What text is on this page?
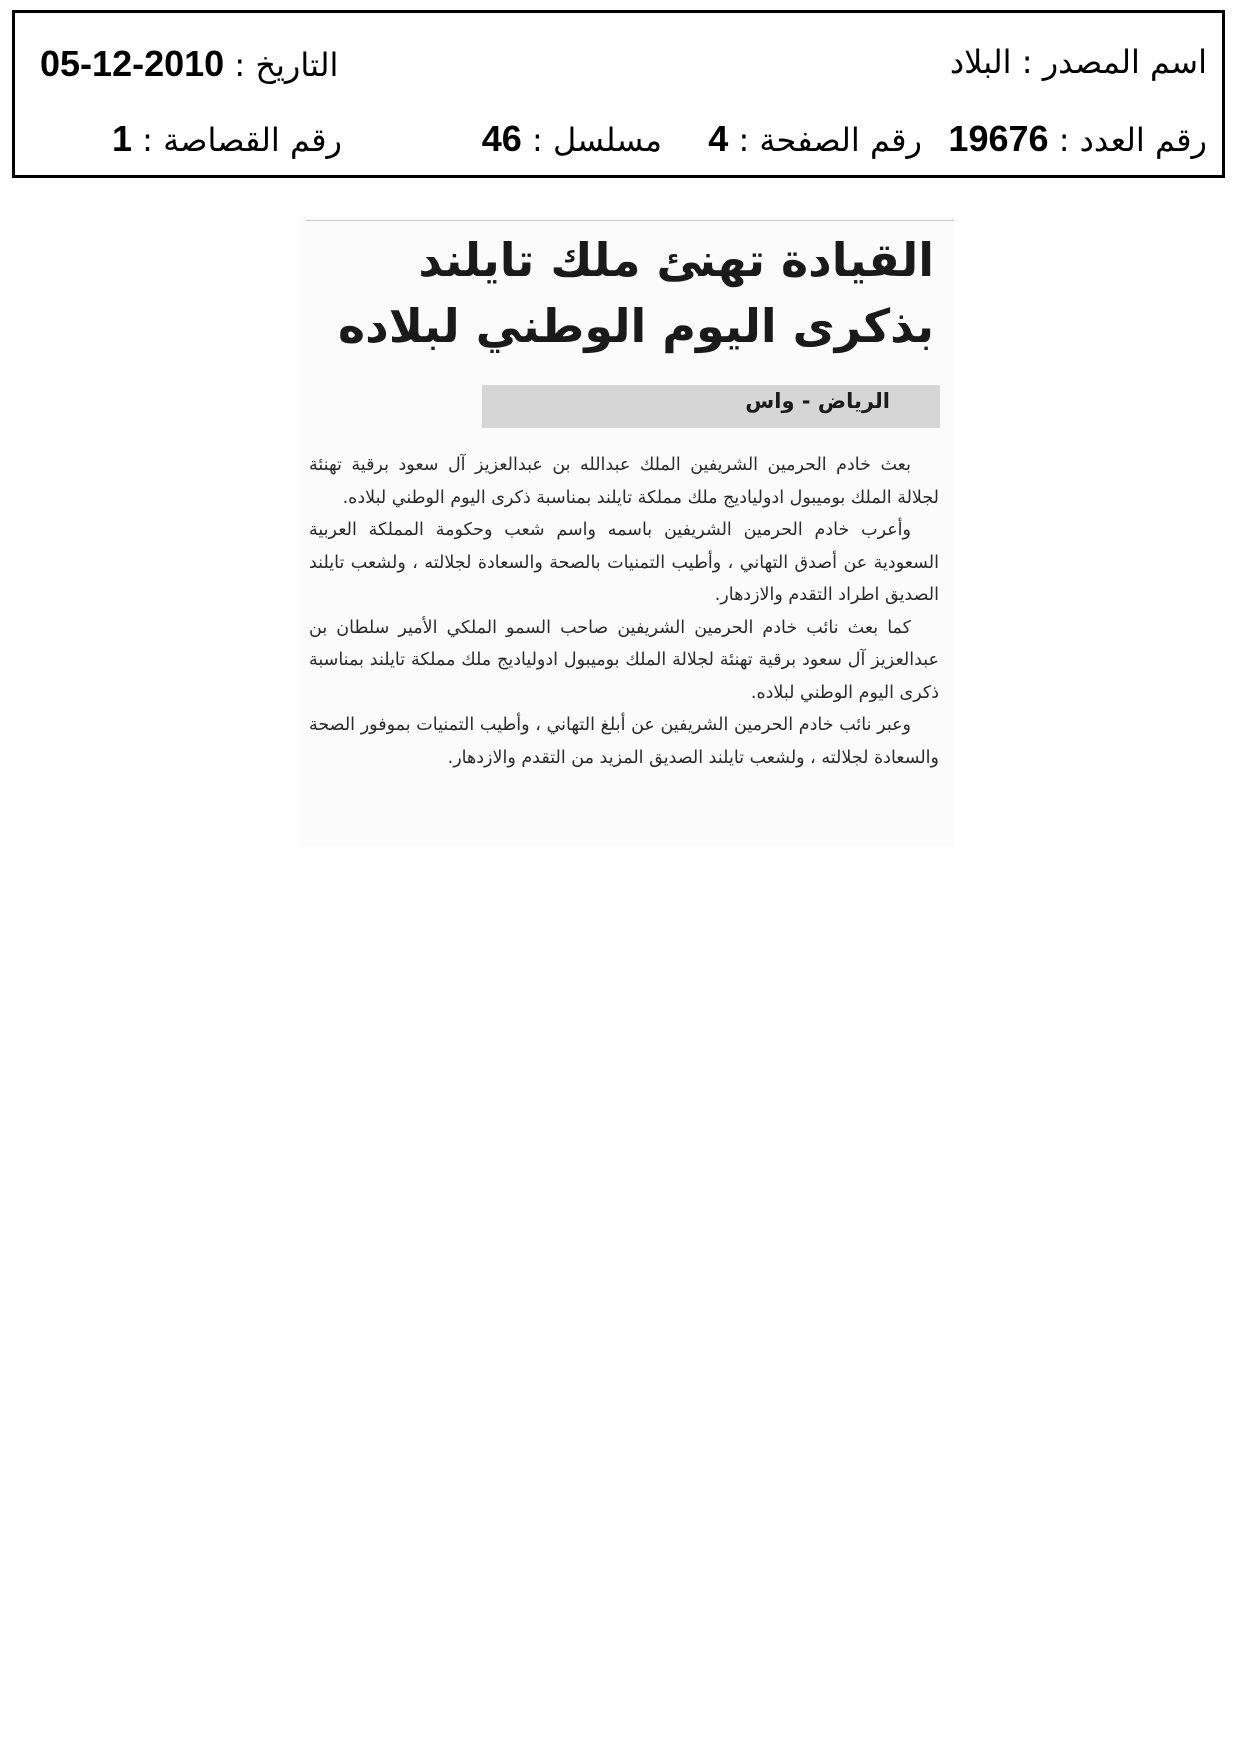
اسم المصدر : البلاد
التاريخ : 2010-12-05
رقم العدد : 19676
رقم الصفحة : 4
مسلسل : 46
رقم القصاصة : 1
القيادة تهنئ ملك تايلند
بذكرى اليوم الوطني لبلاده
الرياض - واس

بعث خادم الحرمين الشريفين الملك عبدالله بن عبدالعزيز آل سعود برقية تهنئة لجلالة الملك بوميبول ادولياديج ملك مملكة تايلند بمناسبة ذكرى اليوم الوطني لبلاده.

وأعرب خادم الحرمين الشريفين باسمه واسم شعب وحكومة المملكة العربية السعودية عن أصدق التهاني ، وأطيب التمنيات بالصحة والسعادة لجلالته ، ولشعب تايلند الصديق اطراد التقدم والازدهار.

كما بعث نائب خادم الحرمين الشريفين صاحب السمو الملكي الأمير سلطان بن عبدالعزيز آل سعود برقية تهنئة لجلالة الملك بوميبول ادولياديج ملك مملكة تايلند بمناسبة ذكرى اليوم الوطني لبلاده.

وعبر نائب خادم الحرمين الشريفين عن أبلغ التهاني ، وأطيب التمنيات بموفور الصحة والسعادة لجلالته ، ولشعب تايلند الصديق المزيد من التقدم والازدهار.
